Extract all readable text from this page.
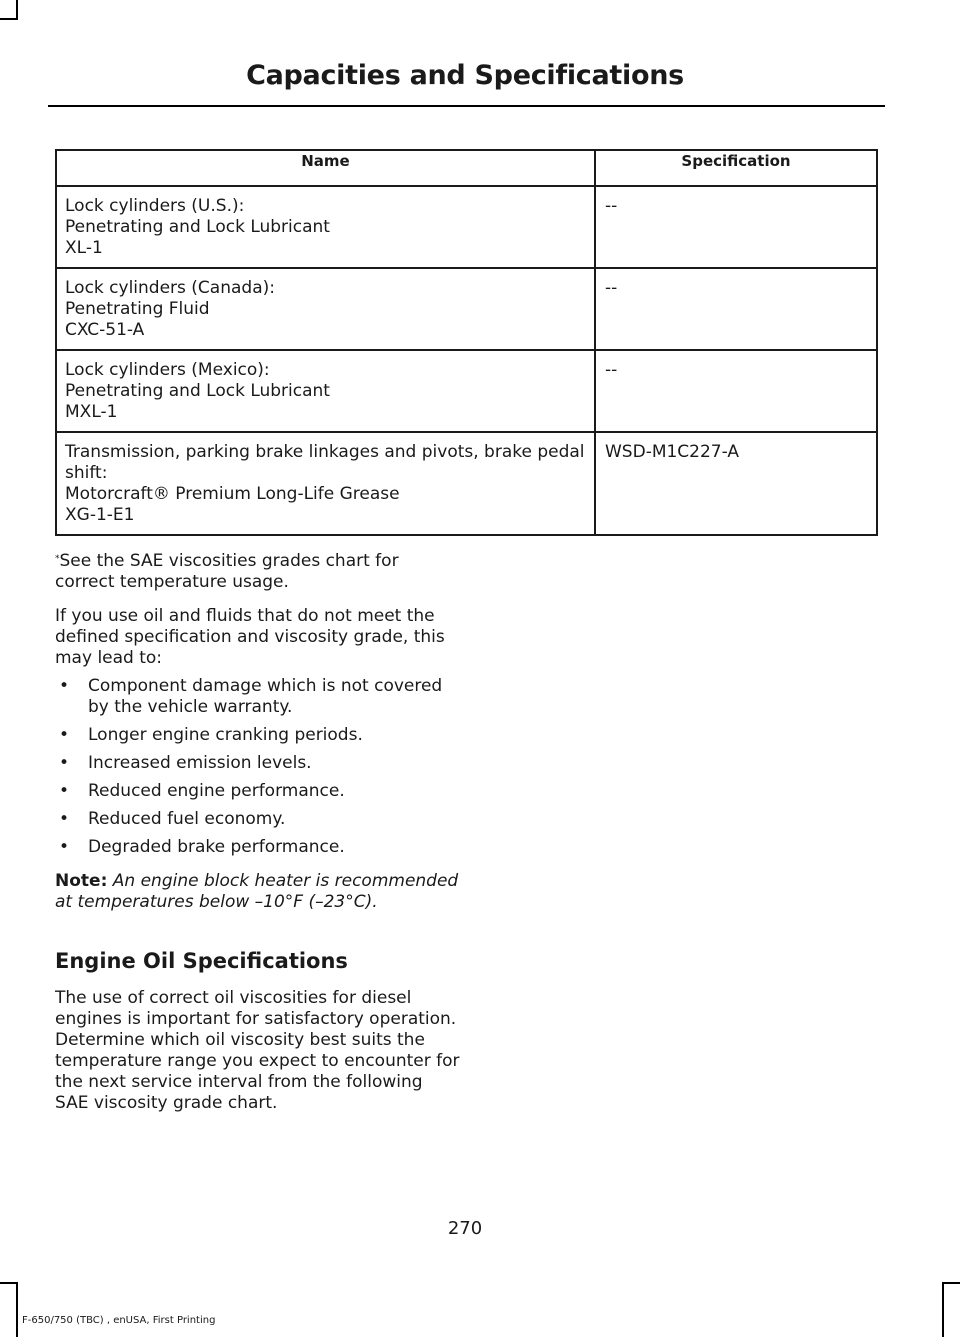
Capacities and Specifications
Name	Specification

Lock cylinders (U.S.):
Penetrating and Lock Lubricant
XL-1	--

Lock cylinders (Canada):
Penetrating Fluid
CXC-51-A	--

Lock cylinders (Mexico):
Penetrating and Lock Lubricant
MXL-1	--

Transmission, parking brake linkages and pivots, brake pedal shift:
Motorcraft® Premium Long-Life Grease
XG-1-E1	WSD-M1C227-A
*See the SAE viscosities grades chart for correct temperature usage.
If you use oil and fluids that do not meet the defined specification and viscosity grade, this may lead to:
• Component damage which is not covered by the vehicle warranty.
• Longer engine cranking periods.
• Increased emission levels.
• Reduced engine performance.
• Reduced fuel economy.
• Degraded brake performance.
Note: An engine block heater is recommended at temperatures below –10°F (–23°C).
Engine Oil Specifications
The use of correct oil viscosities for diesel engines is important for satisfactory operation. Determine which oil viscosity best suits the temperature range you expect to encounter for the next service interval from the following SAE viscosity grade chart.
270
F-650/750 (TBC) , enUSA, First Printing
